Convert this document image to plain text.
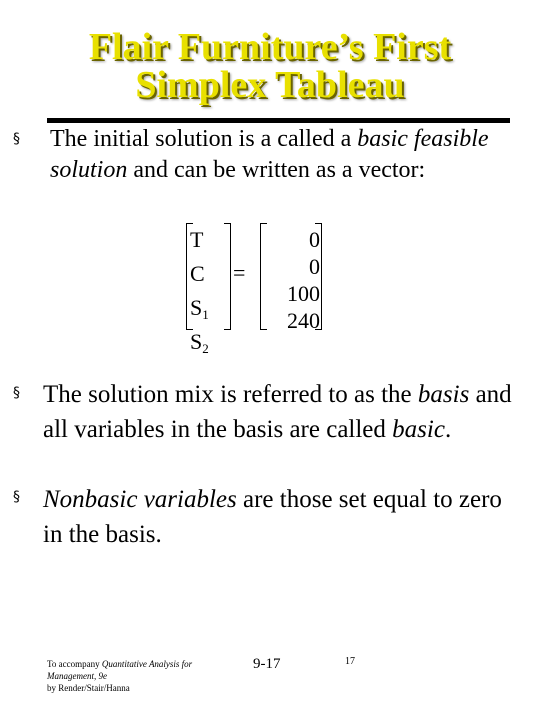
Flair Furniture’s First
Simplex Tableau
§ The initial solution is a called a basic feasible solution and can be written as a vector:
T
C
$S_1$
$S_2$
=
0
0
100
240
§ The solution mix is referred to as the basis and all variables in the basis are called basic.
§ Nonbasic variables are those set equal to zero in the basis.
To accompany Quantitative Analysis for Management, 9e
by Render/Stair/Hanna
9-17	17
